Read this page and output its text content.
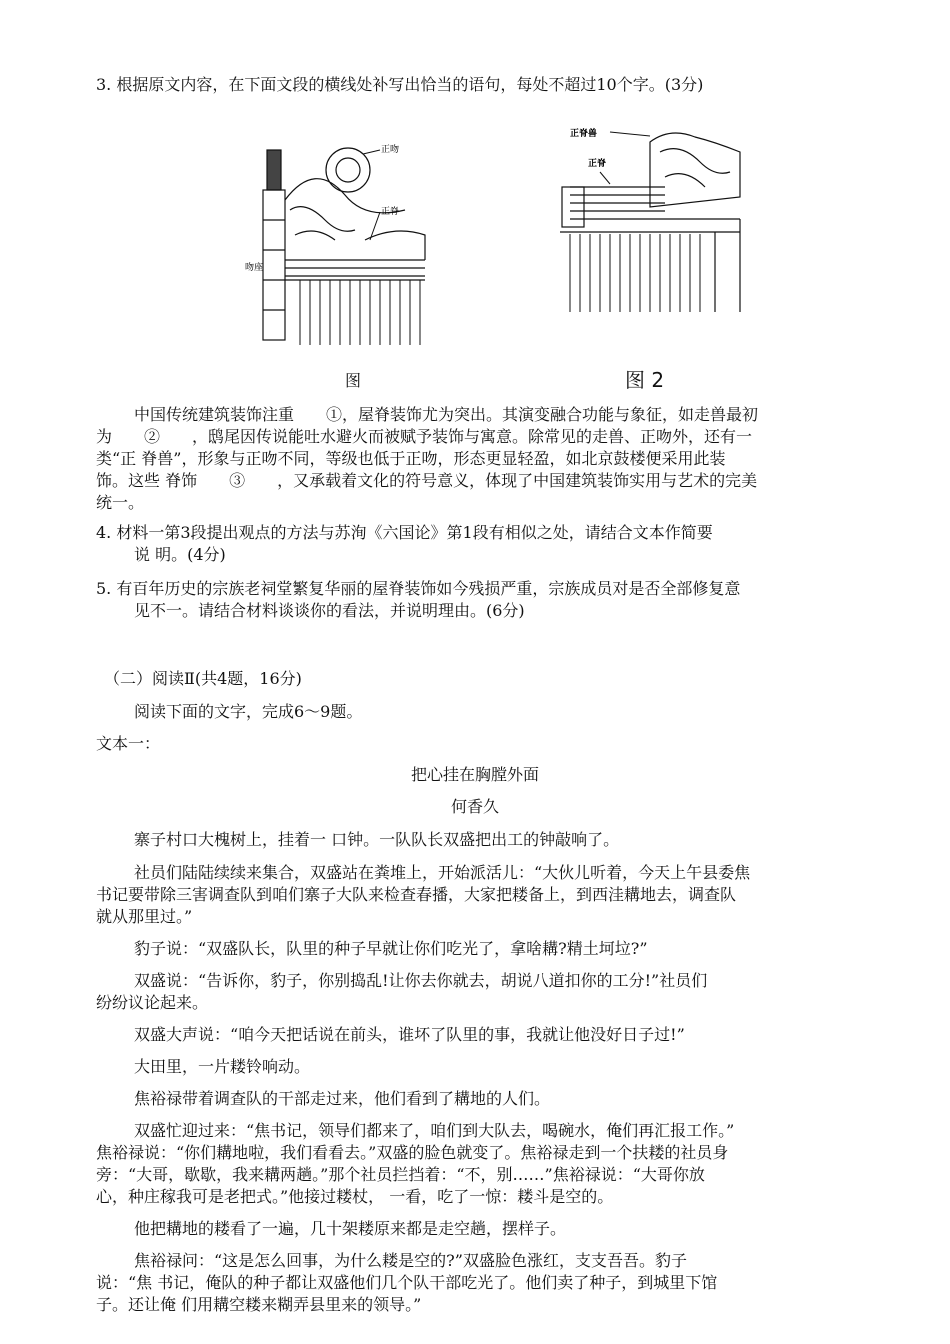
3. 根据原文内容，在下面文段的横线处补写出恰当的语句，每处不超过10个字。(3分)
正吻
正脊
吻座
正脊兽
正脊
图	图 2
中国传统建筑装饰注重　　①，屋脊装饰尤为突出。其演变融合功能与象征，如走兽最初
为　　②　　，鸱尾因传说能吐水避火而被赋予装饰与寓意。除常见的走兽、正吻外，还有一
类“正 脊兽”，形象与正吻不同，等级也低于正吻，形态更显轻盈，如北京鼓楼便采用此装
饰。这些 脊饰　　③　　，又承载着文化的符号意义，体现了中国建筑装饰实用与艺术的完美
统一。
4. 材料一第3段提出观点的方法与苏洵《六国论》第1段有相似之处，请结合文本作简要
说 明。(4分)
5. 有百年历史的宗族老祠堂繁复华丽的屋脊装饰如今残损严重，宗族成员对是否全部修复意
见不一。请结合材料谈谈你的看法，并说明理由。(6分)
（二）阅读Ⅱ(共4题，16分)
阅读下面的文字，完成6～9题。
文本一：
把心挂在胸膛外面
何香久
寨子村口大槐树上，挂着一 口钟。一队队长双盛把出工的钟敲响了。
社员们陆陆续续来集合，双盛站在粪堆上，开始派活儿：“大伙儿听着，今天上午县委焦
书记要带除三害调查队到咱们寨子大队来检查春播，大家把耧备上，到西洼耩地去，调查队
就从那里过。”
豹子说：“双盛队长，队里的种子早就让你们吃光了，拿啥耩?精土坷垃?”
双盛说：“告诉你，豹子，你别捣乱!让你去你就去，胡说八道扣你的工分!”社员们
纷纷议论起来。
双盛大声说：“咱今天把话说在前头，谁坏了队里的事，我就让他没好日子过!”
大田里，一片耧铃响动。
焦裕禄带着调查队的干部走过来，他们看到了耩地的人们。
双盛忙迎过来：“焦书记，领导们都来了，咱们到大队去，喝碗水，俺们再汇报工作。”
焦裕禄说：“你们耩地啦，我们看看去。”双盛的脸色就变了。焦裕禄走到一个扶耧的社员身
旁：“大哥，歇歇，我来耩两趟。”那个社员拦挡着：“不，别……”焦裕禄说：“大哥你放
心，种庄稼我可是老把式。”他接过耧杖， 一看，吃了一惊：耧斗是空的。
他把耩地的耧看了一遍，几十架耧原来都是走空趟，摆样子。
焦裕禄问：“这是怎么回事，为什么耧是空的?”双盛脸色涨红，支支吾吾。豹子
说：“焦 书记，俺队的种子都让双盛他们几个队干部吃光了。他们卖了种子，到城里下馆
子。还让俺 们用耩空耧来糊弄县里来的领导。”
